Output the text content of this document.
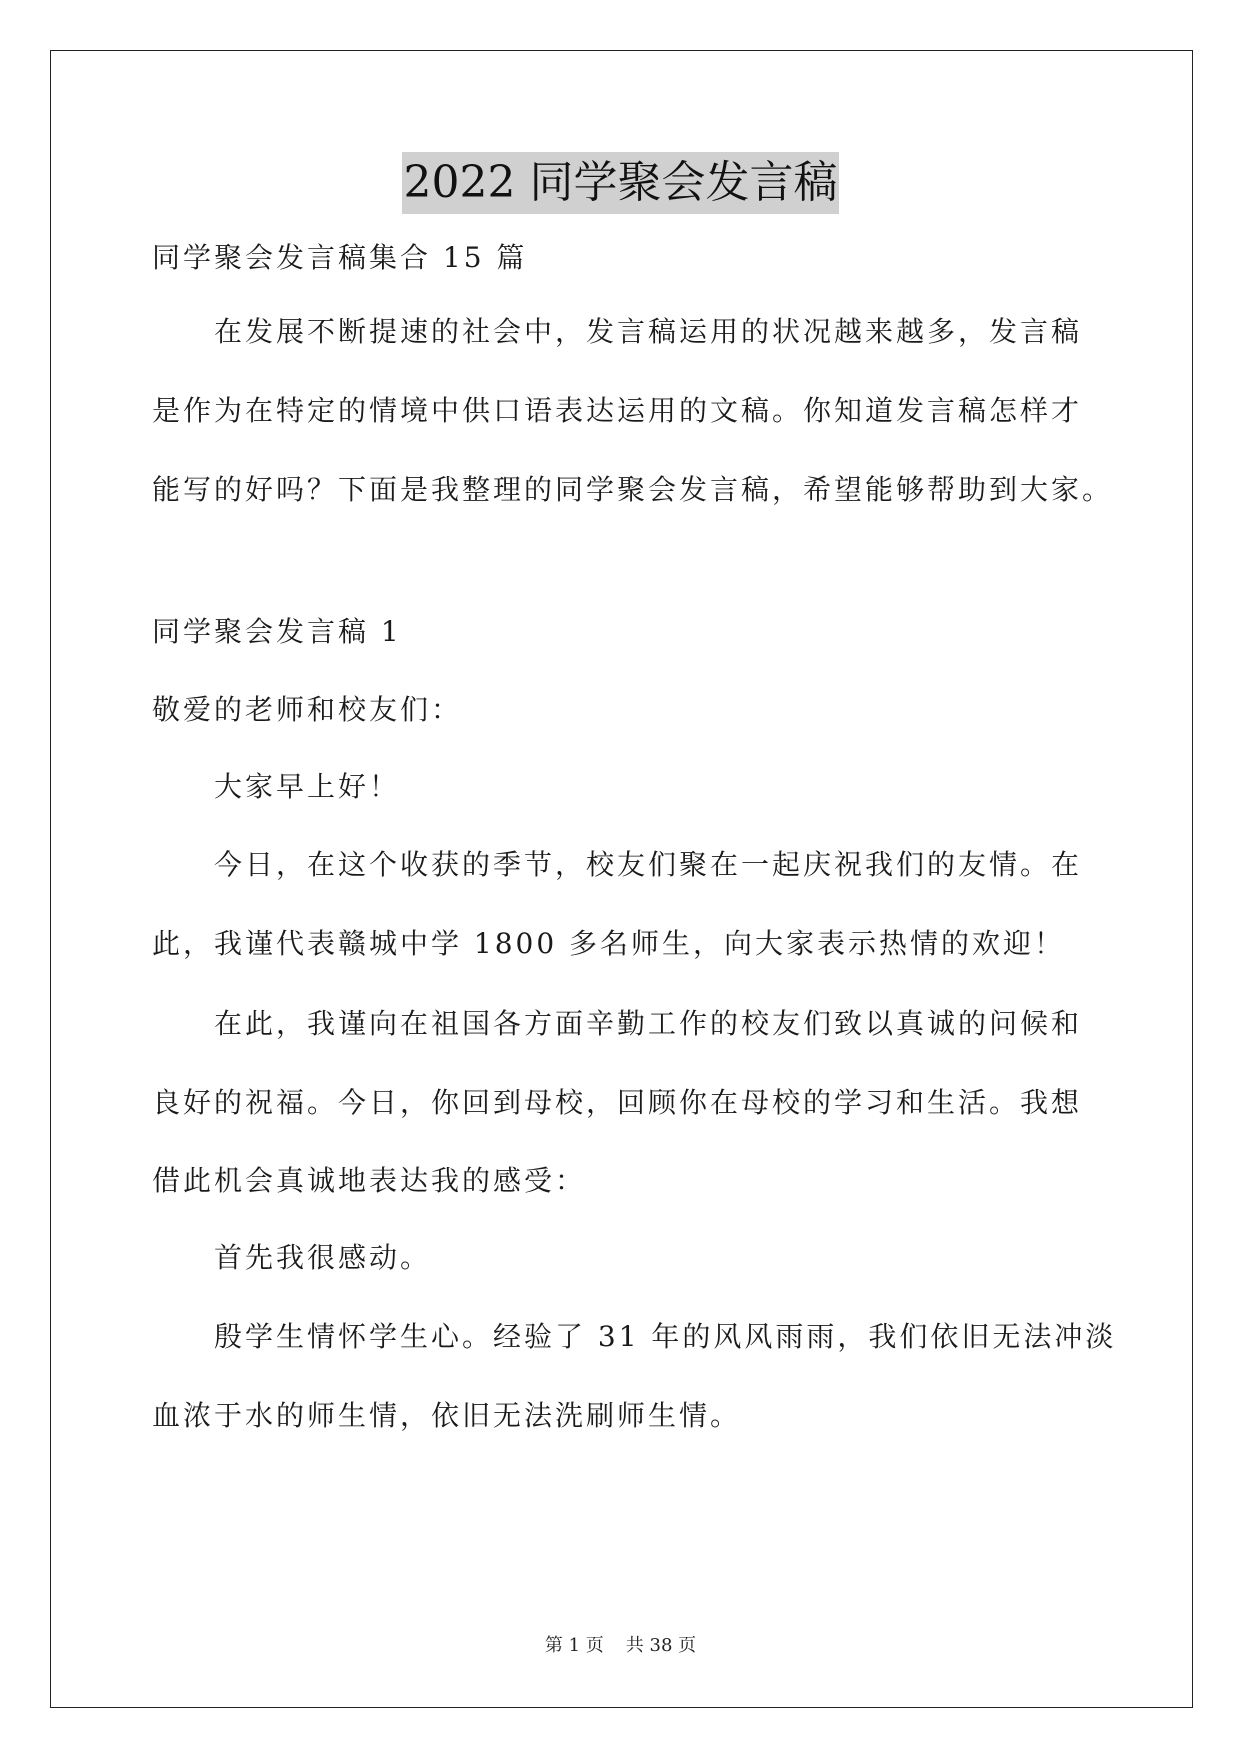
2022 同学聚会发言稿
同学聚会发言稿集合 15 篇
在发展不断提速的社会中，发言稿运用的状况越来越多，发言稿
是作为在特定的情境中供口语表达运用的文稿。你知道发言稿怎样才
能写的好吗？下面是我整理的同学聚会发言稿，希望能够帮助到大家。
同学聚会发言稿 1
敬爱的老师和校友们：
大家早上好！
今日，在这个收获的季节，校友们聚在一起庆祝我们的友情。在
此，我谨代表赣城中学 1800 多名师生，向大家表示热情的欢迎！
在此，我谨向在祖国各方面辛勤工作的校友们致以真诚的问候和
良好的祝福。今日，你回到母校，回顾你在母校的学习和生活。我想
借此机会真诚地表达我的感受：
首先我很感动。
殷学生情怀学生心。经验了 31 年的风风雨雨，我们依旧无法冲淡
血浓于水的师生情，依旧无法洗刷师生情。
第 1 页 共 38 页
